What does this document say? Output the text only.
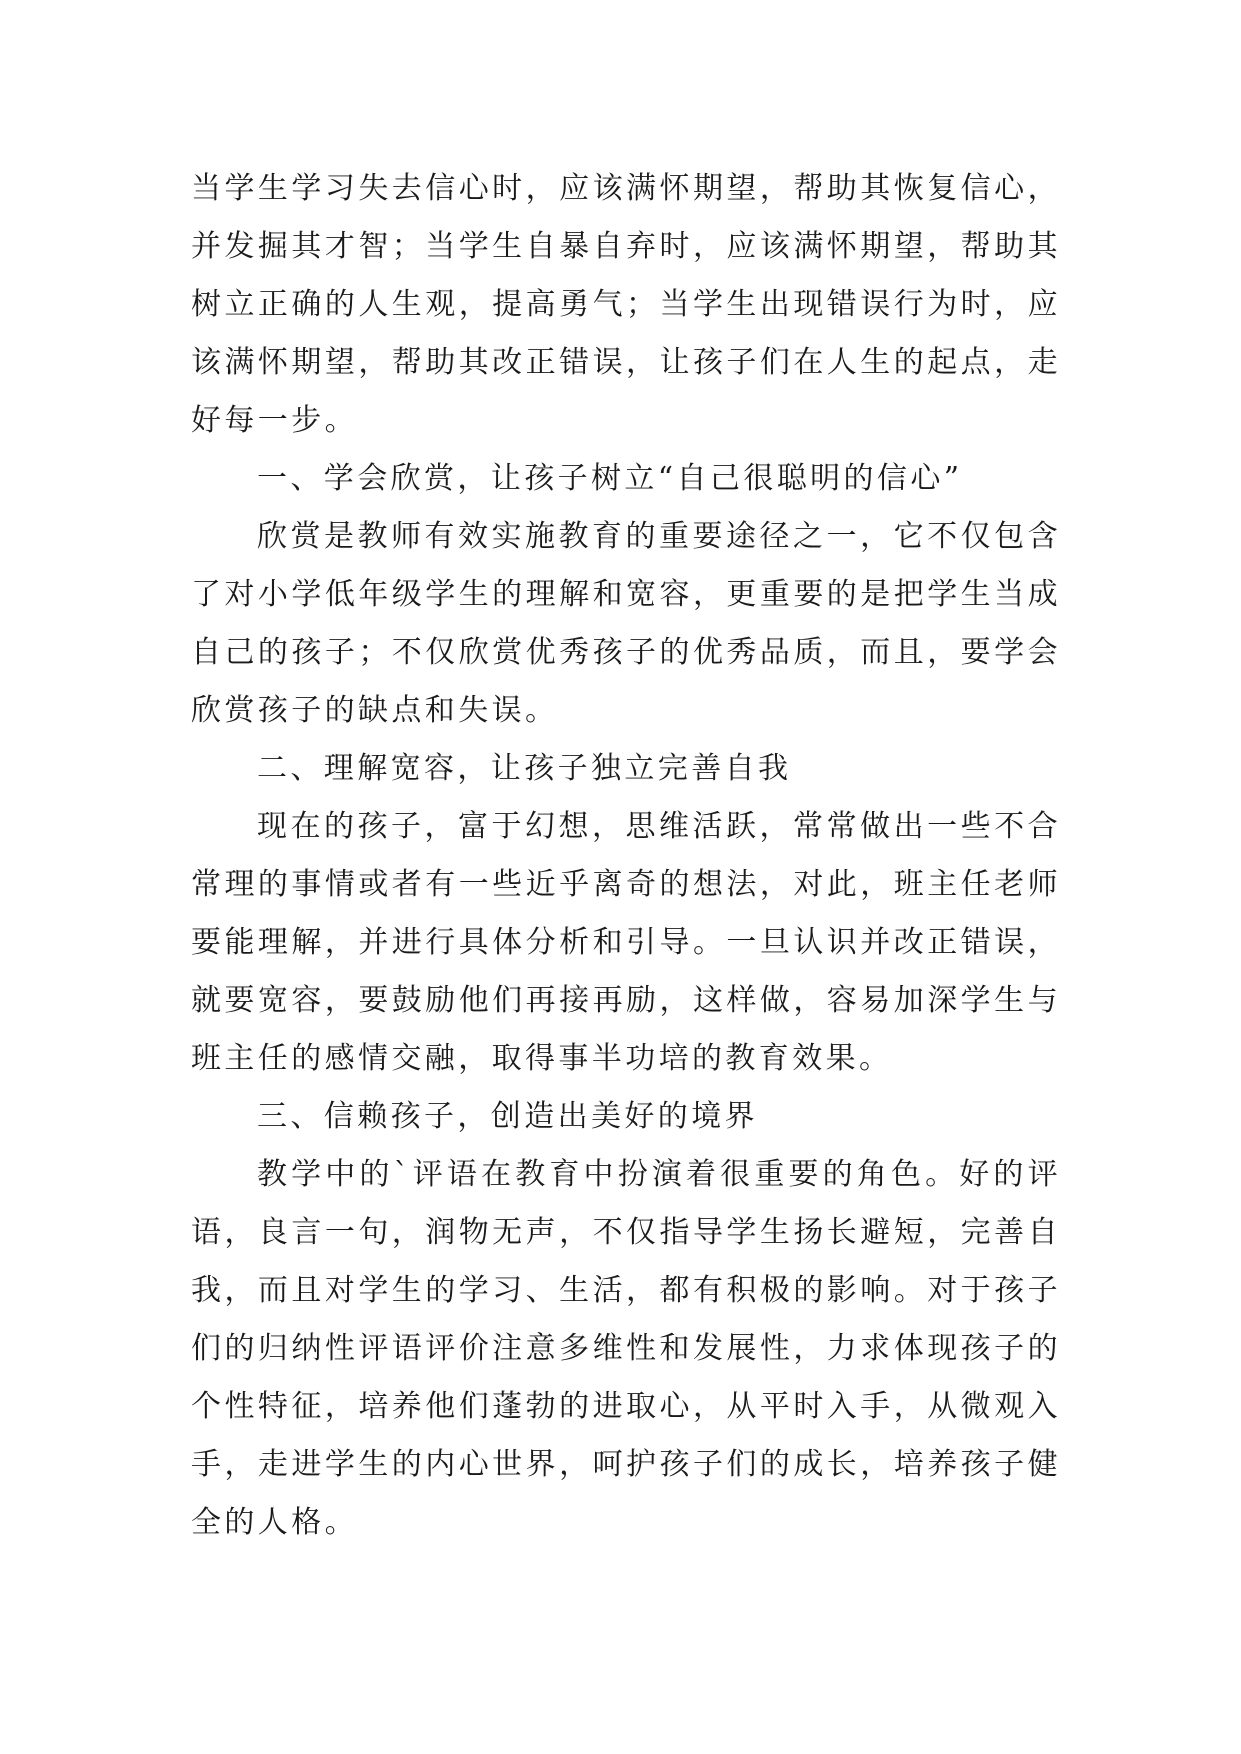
当学生学习失去信心时，应该满怀期望，帮助其恢复信心，并发掘其才智；当学生自暴自弃时，应该满怀期望，帮助其树立正确的人生观，提高勇气；当学生出现错误行为时，应该满怀期望，帮助其改正错误，让孩子们在人生的起点，走好每一步。

一、学会欣赏，让孩子树立“自己很聪明的信心”

欣赏是教师有效实施教育的重要途径之一，它不仅包含了对小学低年级学生的理解和宽容，更重要的是把学生当成自己的孩子；不仅欣赏优秀孩子的优秀品质，而且，要学会欣赏孩子的缺点和失误。

二、理解宽容，让孩子独立完善自我

现在的孩子，富于幻想，思维活跃，常常做出一些不合常理的事情或者有一些近乎离奇的想法，对此，班主任老师要能理解，并进行具体分析和引导。一旦认识并改正错误，就要宽容，要鼓励他们再接再励，这样做，容易加深学生与班主任的感情交融，取得事半功培的教育效果。

三、信赖孩子，创造出美好的境界

教学中的`评语在教育中扮演着很重要的角色。好的评语，良言一句，润物无声，不仅指导学生扬长避短，完善自我，而且对学生的学习、生活，都有积极的影响。对于孩子们的归纳性评语评价注意多维性和发展性，力求体现孩子的个性特征，培养他们蓬勃的进取心，从平时入手，从微观入手，走进学生的内心世界，呵护孩子们的成长，培养孩子健全的人格。
